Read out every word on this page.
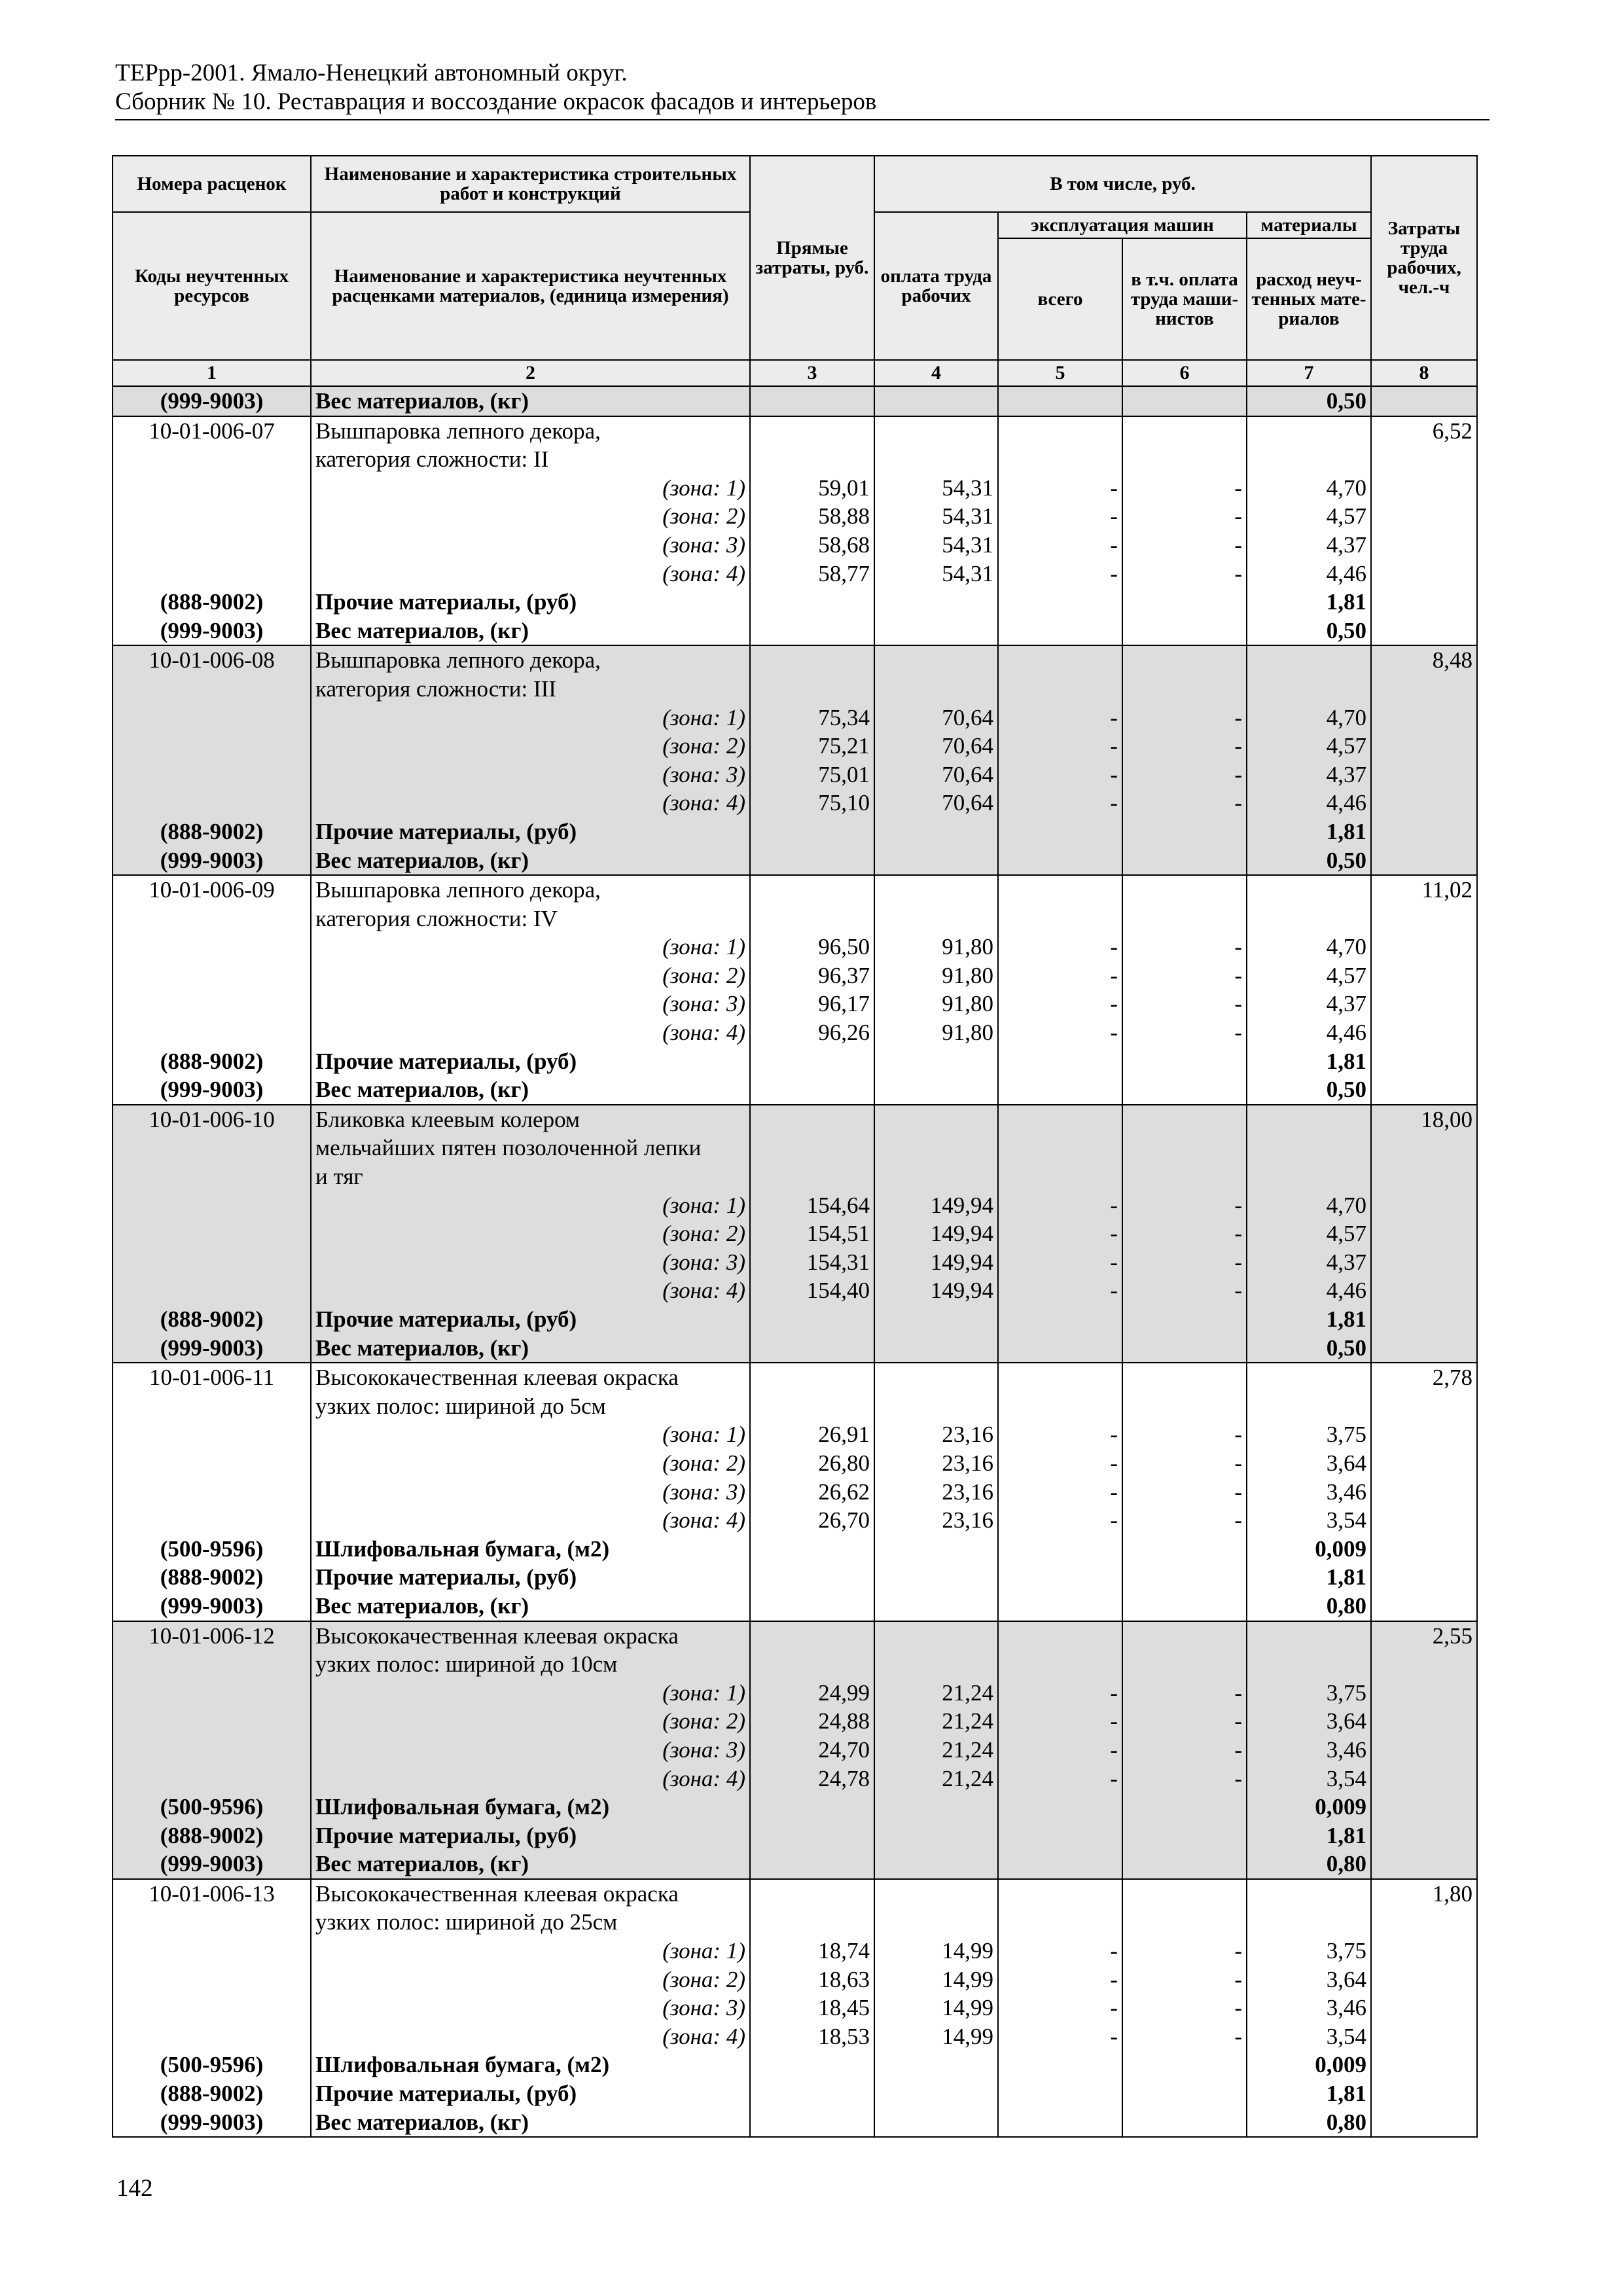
ТЕРрр-2001. Ямало-Ненецкий автономный округ.
Сборник № 10. Реставрация и воссоздание окрасок фасадов и интерьеров
Номера расценок	Наименование и характеристика строительных работ и конструкций	Прямые затраты, руб.	В том числе, руб.				Затраты труда рабочих, чел.-ч
Коды неучтенных ресурсов	Наименование и характеристика неучтенных расценками материалов, (единица измерения)		оплата труда рабочих	эксплуатация машин		материалы	
				всего	в т.ч. оплата труда маши-нистов	расход неуч-тенных мате-риалов	
1	2	3	4	5	6	7	8
(999-9003)	Вес материалов, (кг)					0,50	
10-01-006-07	Вышпаровка лепного декора,						6,52
	категория сложности: II						
	(зона: 1)	59,01	54,31	-	-	4,70	
	(зона: 2)	58,88	54,31	-	-	4,57	
	(зона: 3)	58,68	54,31	-	-	4,37	
	(зона: 4)	58,77	54,31	-	-	4,46	
(888-9002)	Прочие материалы, (руб)					1,81	
(999-9003)	Вес материалов, (кг)					0,50	
10-01-006-08	Вышпаровка лепного декора,						8,48
	категория сложности: III						
	(зона: 1)	75,34	70,64	-	-	4,70	
	(зона: 2)	75,21	70,64	-	-	4,57	
	(зона: 3)	75,01	70,64	-	-	4,37	
	(зона: 4)	75,10	70,64	-	-	4,46	
(888-9002)	Прочие материалы, (руб)					1,81	
(999-9003)	Вес материалов, (кг)					0,50	
10-01-006-09	Вышпаровка лепного декора,						11,02
	категория сложности: IV						
	(зона: 1)	96,50	91,80	-	-	4,70	
	(зона: 2)	96,37	91,80	-	-	4,57	
	(зона: 3)	96,17	91,80	-	-	4,37	
	(зона: 4)	96,26	91,80	-	-	4,46	
(888-9002)	Прочие материалы, (руб)					1,81	
(999-9003)	Вес материалов, (кг)					0,50	
10-01-006-10	Бликовка клеевым колером						18,00
	мельчайших пятен позолоченной лепки						
	и тяг						
	(зона: 1)	154,64	149,94	-	-	4,70	
	(зона: 2)	154,51	149,94	-	-	4,57	
	(зона: 3)	154,31	149,94	-	-	4,37	
	(зона: 4)	154,40	149,94	-	-	4,46	
(888-9002)	Прочие материалы, (руб)					1,81	
(999-9003)	Вес материалов, (кг)					0,50	
10-01-006-11	Высококачественная клеевая окраска						2,78
	узких полос: шириной до 5см						
	(зона: 1)	26,91	23,16	-	-	3,75	
	(зона: 2)	26,80	23,16	-	-	3,64	
	(зона: 3)	26,62	23,16	-	-	3,46	
	(зона: 4)	26,70	23,16	-	-	3,54	
(500-9596)	Шлифовальная бумага, (м2)					0,009	
(888-9002)	Прочие материалы, (руб)					1,81	
(999-9003)	Вес материалов, (кг)					0,80	
10-01-006-12	Высококачественная клеевая окраска						2,55
	узких полос: шириной до 10см						
	(зона: 1)	24,99	21,24	-	-	3,75	
	(зона: 2)	24,88	21,24	-	-	3,64	
	(зона: 3)	24,70	21,24	-	-	3,46	
	(зона: 4)	24,78	21,24	-	-	3,54	
(500-9596)	Шлифовальная бумага, (м2)					0,009	
(888-9002)	Прочие материалы, (руб)					1,81	
(999-9003)	Вес материалов, (кг)					0,80	
10-01-006-13	Высококачественная клеевая окраска						1,80
	узких полос: шириной до 25см						
	(зона: 1)	18,74	14,99	-	-	3,75	
	(зона: 2)	18,63	14,99	-	-	3,64	
	(зона: 3)	18,45	14,99	-	-	3,46	
	(зона: 4)	18,53	14,99	-	-	3,54	
(500-9596)	Шлифовальная бумага, (м2)					0,009	
(888-9002)	Прочие материалы, (руб)					1,81	
(999-9003)	Вес материалов, (кг)					0,80	
142
